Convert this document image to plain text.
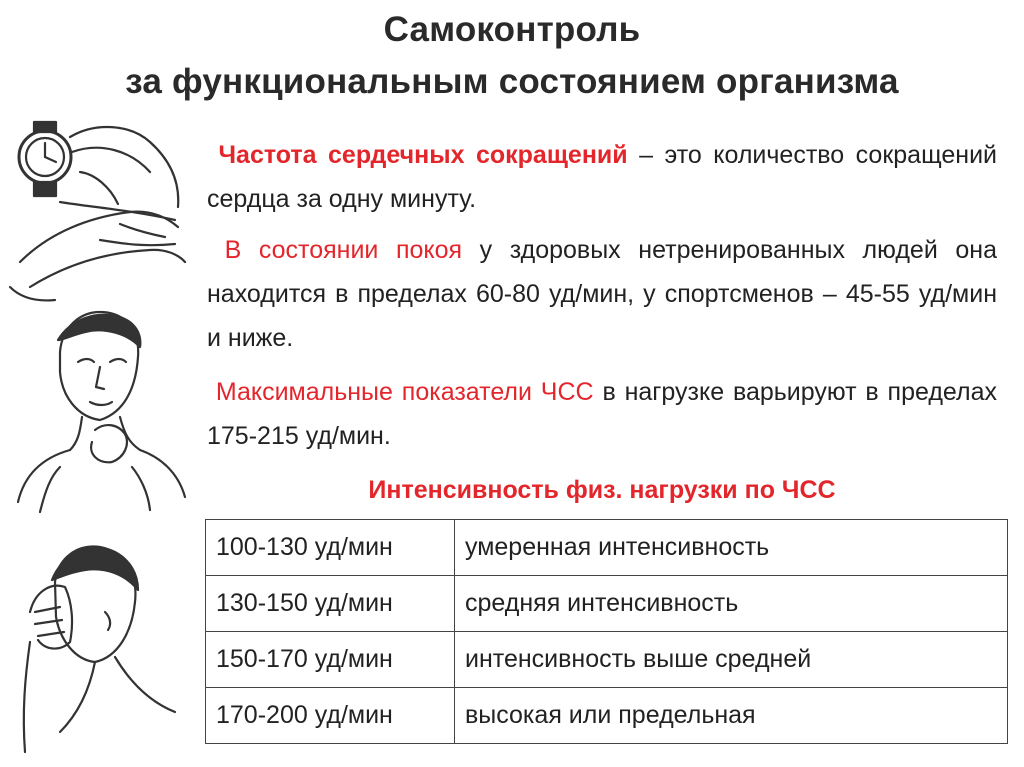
Самоконтроль
за функциональным состоянием организма
Частота сердечных сокращений – это количество сокращений сердца за одну минуту.
В состоянии покоя у здоровых нетренированных людей она находится в пределах 60-80 уд/мин, у спортсменов – 45-55 уд/мин и ниже.
Максимальные показатели ЧСС в нагрузке варьируют в пределах 175-215 уд/мин.
Интенсивность физ. нагрузки по ЧСС
100-130 уд/мин	умеренная интенсивность
130-150 уд/мин	средняя интенсивность
150-170 уд/мин	интенсивность выше средней
170-200 уд/мин	высокая или предельная
